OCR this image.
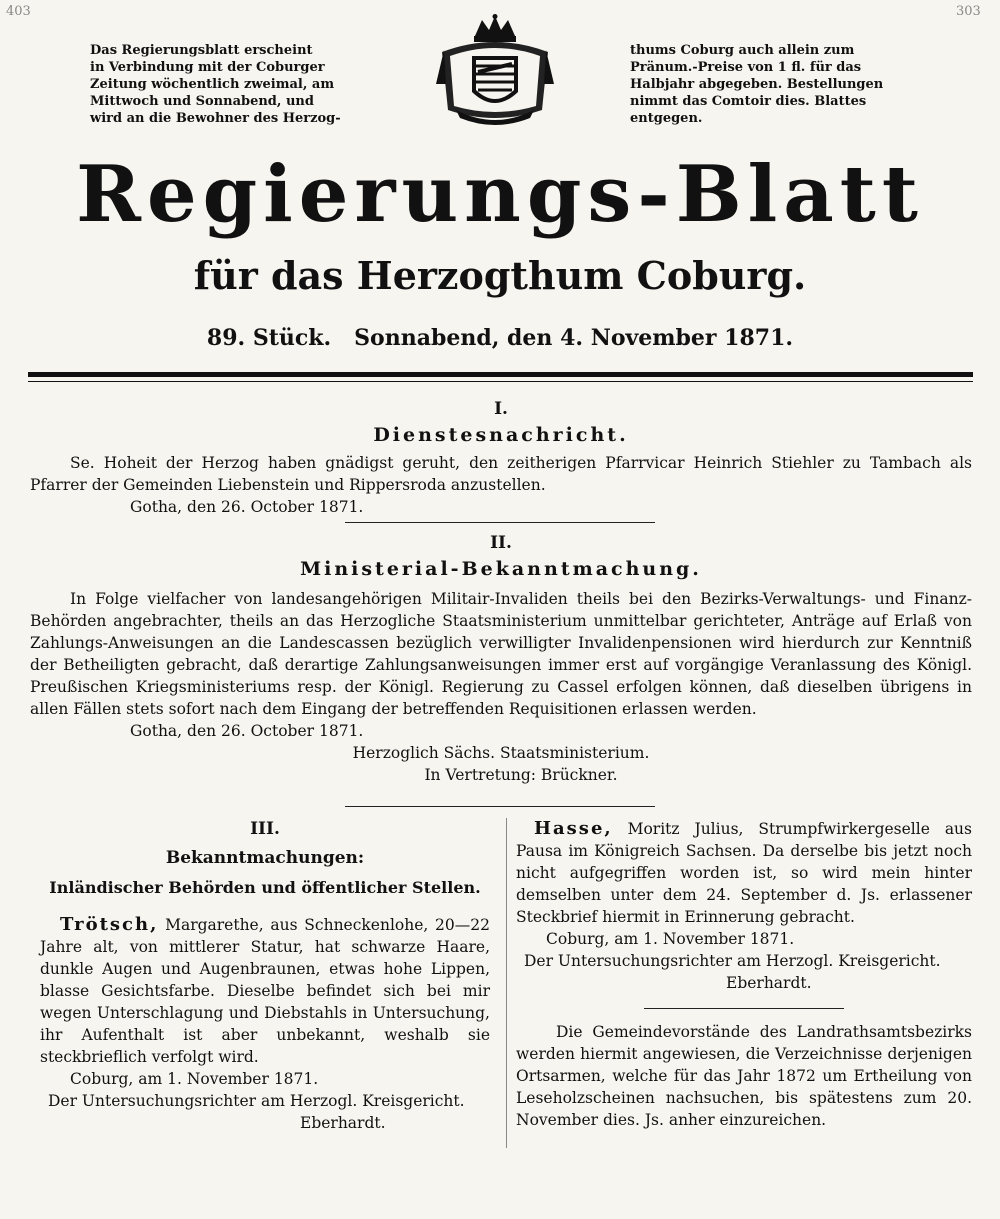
403	303
Das Regierungsblatt erscheint
in Verbindung mit der Coburger
Zeitung wöchentlich zweimal, am
Mittwoch und Sonnabend, und
wird an die Bewohner des Herzog-
thums Coburg auch allein zum
Pränum.-Preise von 1 fl. für das
Halbjahr abgegeben. Bestellungen
nimmt das Comtoir dies. Blattes
entgegen.
Regierungs-Blatt
für das Herzogthum Coburg.
89. Stück.   Sonnabend, den 4. November 1871.
I.
Dienstesnachricht.

Se. Hoheit der Herzog haben gnädigst geruht, den zeitherigen Pfarrvicar Heinrich Stiehler zu Tambach als Pfarrer der Gemeinden Liebenstein und Rippersroda anzustellen.

Gotha, den 26. October 1871.

II.
Ministerial-Bekanntmachung.

In Folge vielfacher von landesangehörigen Militair-Invaliden theils bei den Bezirks-Verwaltungs- und Finanz-Behörden angebrachter, theils an das Herzogliche Staatsministerium unmittelbar gerichteter, Anträge auf Erlaß von Zahlungs-Anweisungen an die Landescassen bezüglich verwilligter Invalidenpensionen wird hierdurch zur Kenntniß der Betheiligten gebracht, daß derartige Zahlungsanweisungen immer erst auf vorgängige Veranlassung des Königl. Preußischen Kriegsministeriums resp. der Königl. Regierung zu Cassel erfolgen können, daß dieselben übrigens in allen Fällen stets sofort nach dem Eingang der betreffenden Requisitionen erlassen werden.

Gotha, den 26. October 1871.

Herzoglich Sächs. Staatsministerium.

In Vertretung: Brückner.

III.
Bekanntmachungen:
Inländischer Behörden und öffentlicher Stellen.

Trötsch, Margarethe, aus Schneckenlohe, 20—22 Jahre alt, von mittlerer Statur, hat schwarze Haare, dunkle Augen und Augenbraunen, etwas hohe Lippen, blasse Gesichtsfarbe. Dieselbe befindet sich bei mir wegen Unterschlagung und Diebstahls in Untersuchung, ihr Aufenthalt ist aber unbekannt, weshalb sie steckbrieflich verfolgt wird.

Coburg, am 1. November 1871.

Der Untersuchungsrichter am Herzogl. Kreisgericht.

Eberhardt.

Hasse, Moritz Julius, Strumpfwirkergeselle aus Pausa im Königreich Sachsen. Da derselbe bis jetzt noch nicht aufgegriffen worden ist, so wird mein hinter demselben unter dem 24. September d. Js. erlassener Steckbrief hiermit in Erinnerung gebracht.

Coburg, am 1. November 1871.

Der Untersuchungsrichter am Herzogl. Kreisgericht.

Eberhardt.

Die Gemeindevorstände des Landrathsamtsbezirks werden hiermit angewiesen, die Verzeichnisse derjenigen Ortsarmen, welche für das Jahr 1872 um Ertheilung von Leseholzscheinen nachsuchen, bis spätestens zum 20. November dies. Js. anher einzureichen.
